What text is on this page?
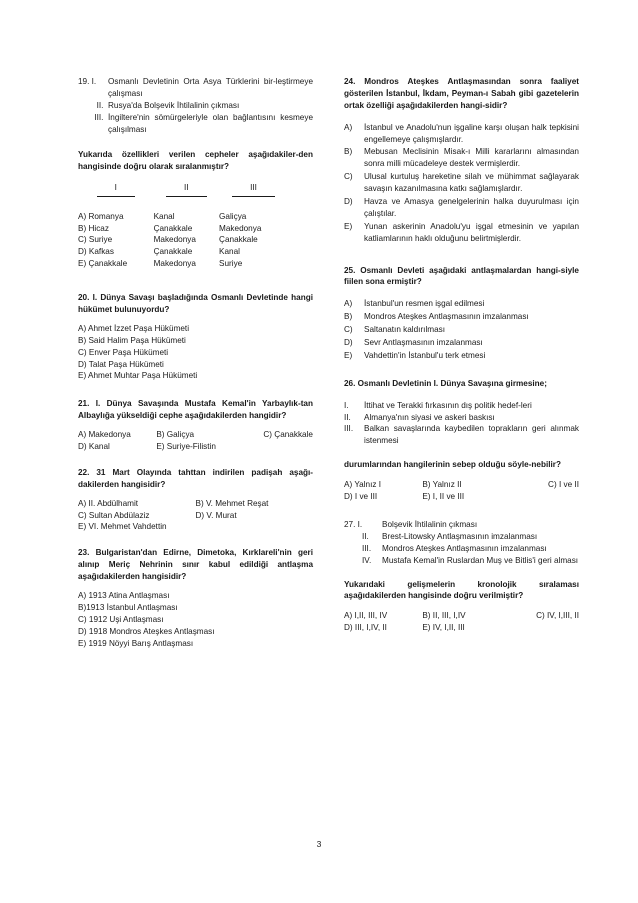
19. I.	Osmanlı Devletinin Orta Asya Türklerini bir-leştirmeye çalışması
II. Rusya'da Bolşevik İhtilalinin çıkması
III. İngiltere'nin sömürgeleriyle olan bağlantısını kesmeye çalışılması
Yukarıda özellikleri verilen cepheler aşağıdakiler-den hangisinde doğru olarak sıralanmıştır?
I	II	III

A) Romanya	Kanal	Galiçya
B) Hicaz	Çanakkale	Makedonya
C) Suriye	Makedonya	Çanakkale
D) Kafkas	Çanakkale	Kanal
E) Çanakkale	Makedonya	Suriye
20. I. Dünya Savaşı başladığında Osmanlı Devletinde hangi hükümet bulunuyordu?
A) Ahmet İzzet Paşa Hükümeti
B) Said Halim Paşa Hükümeti
C) Enver Paşa Hükümeti
D) Talat Paşa Hükümeti
E) Ahmet Muhtar Paşa Hükümeti
21. I. Dünya Savaşında Mustafa Kemal'in Yarbaylık-tan Albaylığa yükseldiği cephe aşağıdakilerden hangidir?
A) Makedonya	B) Galiçya	C) Çanakkale
D) Kanal	E) Suriye-Filistin
22. 31 Mart Olayında tahttan indirilen padişah aşağı-dakilerden hangisidir?
A) II. Abdülhamit	B) V. Mehmet Reşat
C) Sultan Abdülaziz	D) V. Murat
E) VI. Mehmet Vahdettin
23. Bulgaristan'dan Edirne, Dimetoka, Kırklareli'nin geri alınıp Meriç Nehrinin sınır kabul edildiği antlaşma aşağıdakilerden hangisidir?
A) 1913 Atina Antlaşması
B)1913 İstanbul Antlaşması
C) 1912 Uşi Antlaşması
D) 1918 Mondros Ateşkes Antlaşması
E) 1919 Nöyyi Barış Antlaşması
24. Mondros Ateşkes Antlaşmasından sonra faaliyet gösterilen İstanbul, İkdam, Peyman-ı Sabah gibi gazetelerin ortak özelliği aşağıdakilerden hangi-sidir?
A)	İstanbul ve Anadolu'nun işgaline karşı oluşan halk tepkisini engellemeye çalışmışlardır.
B)	Mebusan Meclisinin Misak-ı Milli kararlarını almasından sonra milli mücadeleye destek vermişlerdir.
C)	Ulusal kurtuluş hareketine silah ve mühimmat sağlayarak savaşın kazanılmasına katkı sağlamışlardır.
D)	Havza ve Amasya genelgelerinin halka duyurulması için çalıştılar.
E)	Yunan askerinin Anadolu'yu işgal etmesinin ve yapılan katliamlarının haklı olduğunu belirtmişlerdir.
25. Osmanlı Devleti aşağıdaki antlaşmalardan hangi-siyle fiilen sona ermiştir?
A)	İstanbul'un resmen işgal edilmesi
B)	Mondros Ateşkes Antlaşmasının imzalanması
C)	Saltanatın kaldırılması
D)	Sevr Antlaşmasının imzalanması
E)	Vahdettin'in İstanbul'u terk etmesi
26. Osmanlı Devletinin I. Dünya Savaşına girmesine;
I.	İttihat ve Terakki fırkasının dış politik hedef-leri
II.	Almanya'nın siyasi ve askeri baskısı
III.	Balkan savaşlarında kaybedilen toprakların geri alınmak istenmesi
durumlarından hangilerinin sebep olduğu söyle-nebilir?
A) Yalnız I	B) Yalnız II	C) I ve II
D) I ve III	E) I, II ve III
27. I.	Bolşevik İhtilalinin çıkması
II.	Brest-Litowsky Antlaşmasının imzalanması
III.	Mondros Ateşkes Antlaşmasının imzalanması
IV.	Mustafa Kemal'in Ruslardan Muş ve Bitlis'i geri alması
Yukarıdaki gelişmelerin kronolojik sıralaması aşağıdakilerden hangisinde doğru verilmiştir?
A) I,II, III, IV	B) II, III, I,IV	C) IV, I,III, II
D) III, I,IV, II	E) IV, I,II, III
3
